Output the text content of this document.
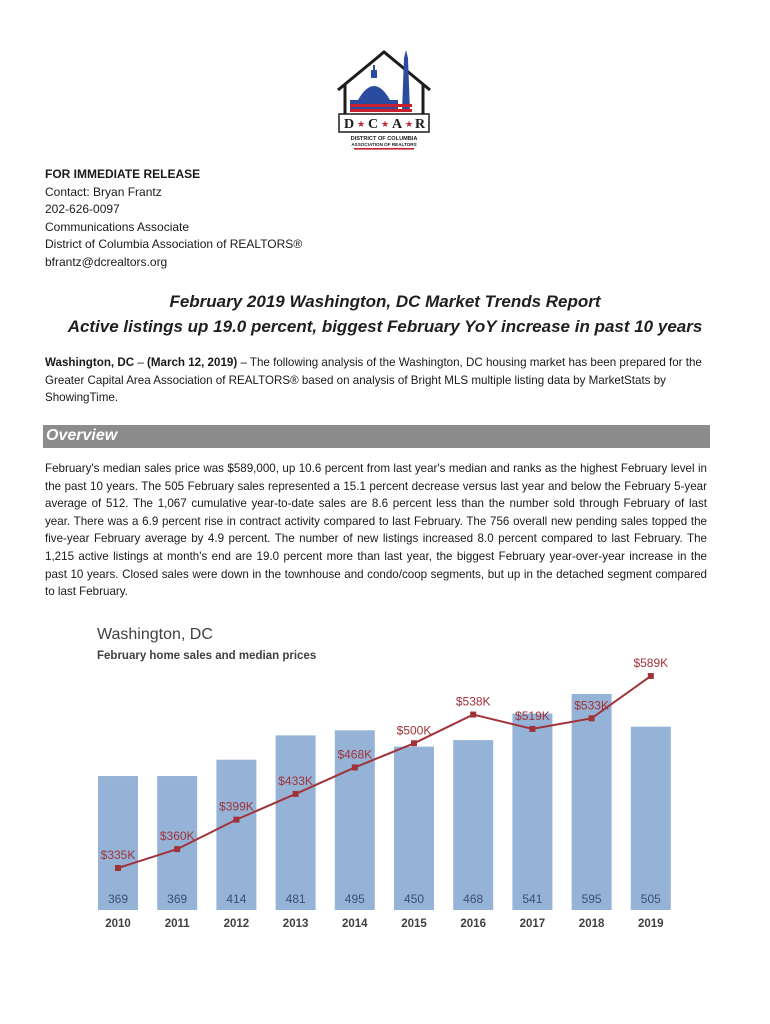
D C A R
★ ★ ★
DISTRICT OF COLUMBIA
ASSOCIATION OF REALTORS
FOR IMMEDIATE RELEASE
Contact: Bryan Frantz
202-626-0097
Communications Associate
District of Columbia Association of REALTORS®
bfrantz@dcrealtors.org
February 2019 Washington, DC Market Trends Report
Active listings up 19.0 percent, biggest February YoY increase in past 10 years
Washington, DC – (March 12, 2019) – The following analysis of the Washington, DC housing market has been prepared for the Greater Capital Area Association of REALTORS® based on analysis of Bright MLS multiple listing data by MarketStats by ShowingTime.
Overview
February's median sales price was $589,000, up 10.6 percent from last year's median and ranks as the highest February level in the past 10 years. The 505 February sales represented a 15.1 percent decrease versus last year and below the February 5-year average of 512. The 1,067 cumulative year-to-date sales are 8.6 percent less than the number sold through February of last year. There was a 6.9 percent rise in contract activity compared to last February. The 756 overall new pending sales topped the five-year February average by 4.9 percent. The number of new listings increased 8.0 percent compared to last February. The 1,215 active listings at month's end are 19.0 percent more than last year, the biggest February year-over-year increase in the past 10 years. Closed sales were down in the townhouse and condo/coop segments, but up in the detached segment compared to last February.
Washington, DC
February home sales and median prices
369
2010
369
2011
414
2012
481
2013
495
2014
450
2015
468
2016
541
2017
595
2018
505
2019
$335K
$360K
$399K
$433K
$468K
$500K
$538K
$519K
$533K
$589K
